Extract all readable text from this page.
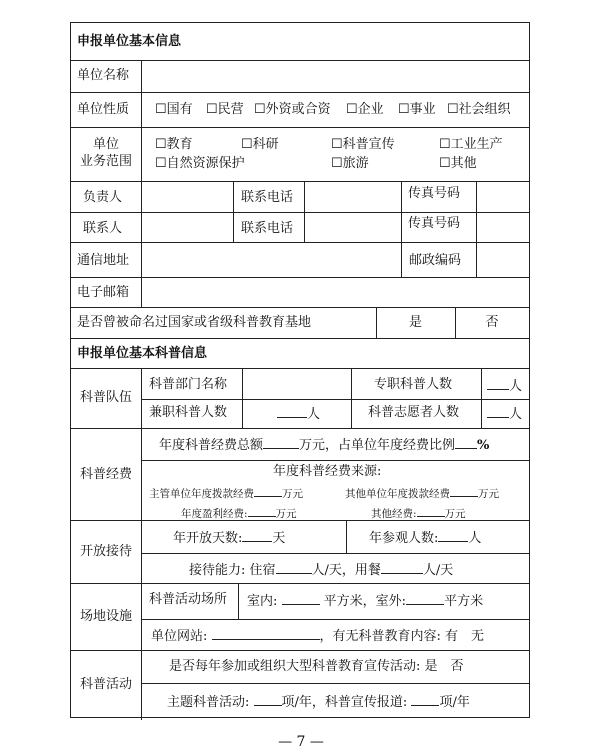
申报单位基本信息
单位名称
单位性质 ☐国有 ☐民营 ☐外资或合资 ☐企业 ☐事业 ☐社会组织
单位
业务范围
☐教育	☐科研	☐科普宣传	☐工业生产
☐自然资源保护	☐旅游	☐其他
负责人	联系电话	传真号码
联系人	联系电话	传真号码
通信地址	邮政编码
电子邮箱
是否曾被命名过国家或省级科普教育基地	是	否
申报单位基本科普信息
科普队伍
科普部门名称	专职科普人数	人
兼职科普人数	人	科普志愿者人数	人
科普经费
年度科普经费总额	万元，占单位年度经费比例 %
年度科普经费来源:
主管单位年度拨款经费	万元	其他单位年度拨款经费	万元
年度盈利经费:	万元	其他经费:	万元
开放接待
年开放天数: 天	年参观人数: 人
接待能力: 住宿	人/天，用餐	人/天
场地设施
科普活动场所 室内:	平方米，室外:	平方米
单位网站:	，有无科普教育内容: 有　无
科普活动
是否每年参加或组织大型科普教育宣传活动: 是　否
主题科普活动: 项/年，科普宣传报道: 项/年
— 7 —
